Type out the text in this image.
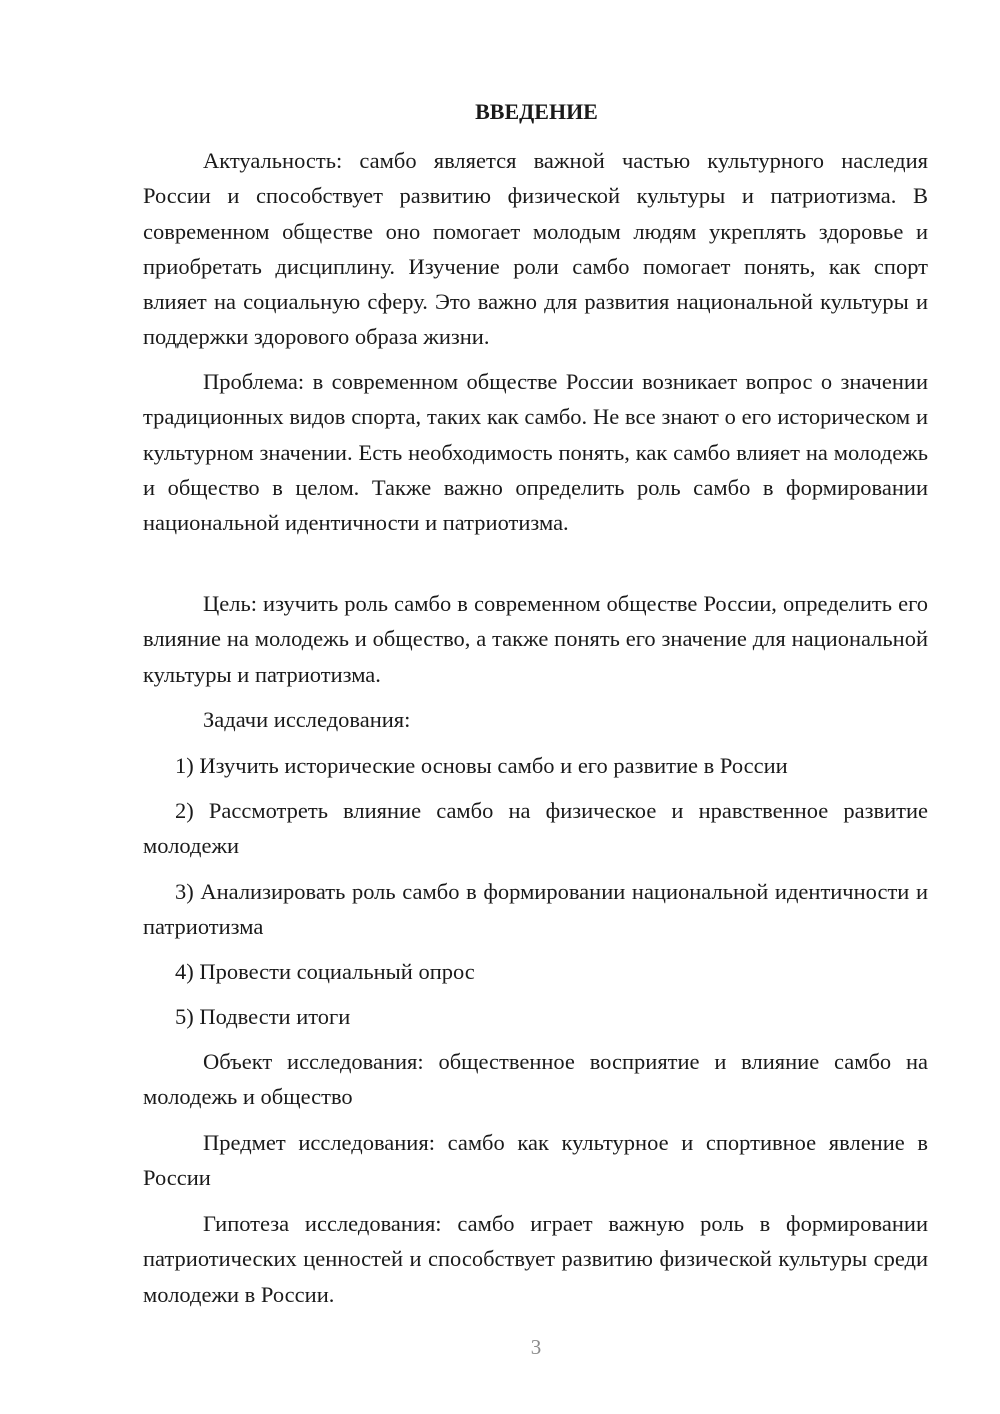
ВВЕДЕНИЕ

Актуальность: самбо является важной частью культурного наследия России и способствует развитию физической культуры и патриотизма. В современном обществе оно помогает молодым людям укреплять здоровье и приобретать дисциплину. Изучение роли самбо помогает понять, как спорт влияет на социальную сферу. Это важно для развития национальной культуры и поддержки здорового образа жизни.

Проблема: в современном обществе России возникает вопрос о значении традиционных видов спорта, таких как самбо. Не все знают о его историческом и культурном значении. Есть необходимость понять, как самбо влияет на молодежь и общество в целом. Также важно определить роль самбо в формировании национальной идентичности и патриотизма.

Цель: изучить роль самбо в современном обществе России, определить его влияние на молодежь и общество, а также понять его значение для национальной культуры и патриотизма.

Задачи исследования:

1) Изучить исторические основы самбо и его развитие в России

2) Рассмотреть влияние самбо на физическое и нравственное развитие молодежи

3) Анализировать роль самбо в формировании национальной идентичности и патриотизма

4) Провести социальный опрос

5) Подвести итоги

Объект исследования: общественное восприятие и влияние самбо на молодежь и общество

Предмет исследования: самбо как культурное и спортивное явление в России

Гипотеза исследования: самбо играет важную роль в формировании патриотических ценностей и способствует развитию физической культуры среди молодежи в России.

3
